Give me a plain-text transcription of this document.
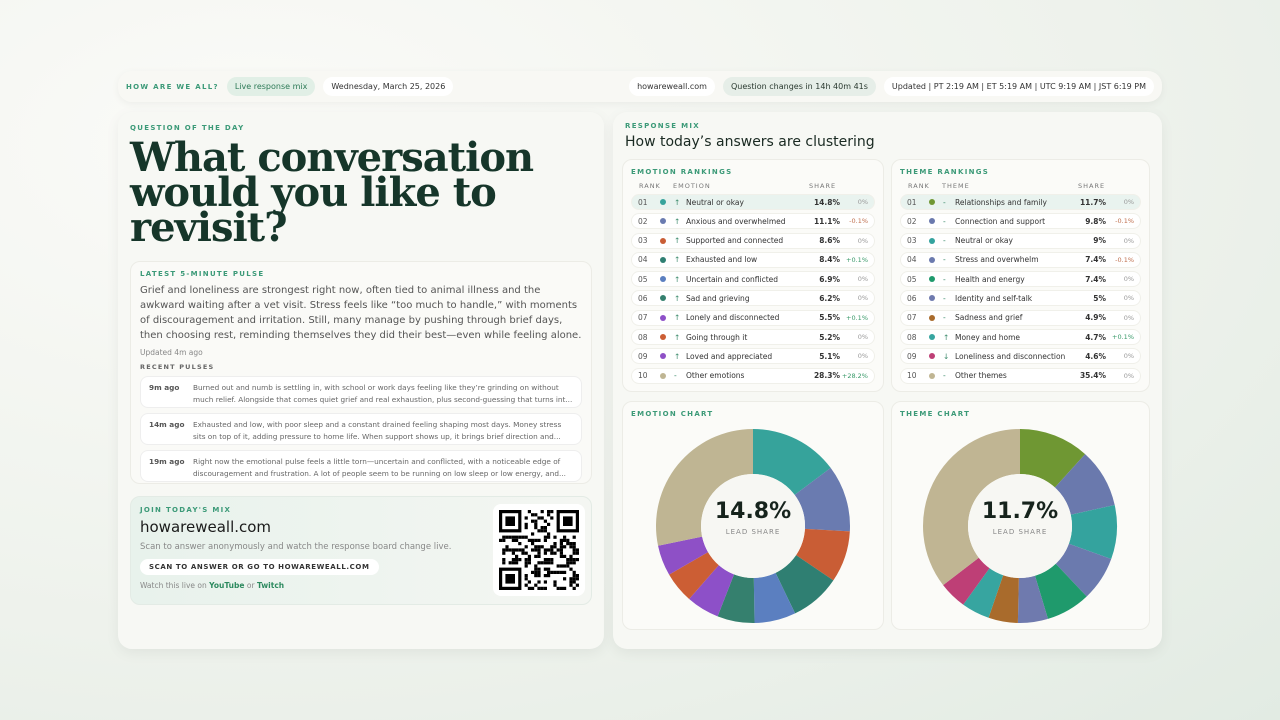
HOW ARE WE ALL?	Live response mix	Wednesday, March 25, 2026	howareweall.com	Question changes in 14h 40m 41s	Updated | PT 2:19 AM | ET 5:19 AM | UTC 9:19 AM | JST 6:19 PM
QUESTION OF THE DAY
What conversation would you like to revisit?
LATEST 5-MINUTE PULSE

Grief and loneliness are strongest right now, often tied to animal illness and the awkward waiting after a vet visit. Stress feels like “too much to handle,” with moments of discouragement and irritation. Still, many manage by pushing through brief days, then choosing rest, reminding themselves they did their best—even while feeling alone.

Updated 4m ago
RECENT PULSES
9m ago	Burned out and numb is settling in, with school or work days feeling like they’re grinding on without much relief. Alongside that comes quiet grief and real exhaustion, plus second-guessing that turns int...
14m ago	Exhausted and low, with poor sleep and a constant drained feeling shaping most days. Money stress sits on top of it, adding pressure to home life. When support shows up, it brings brief direction and...
19m ago	Right now the emotional pulse feels a little torn—uncertain and conflicted, with a noticeable edge of discouragement and frustration. A lot of people seem to be running on low sleep or low energy, and...
JOIN TODAY'S MIX
howareweall.com
Scan to answer anonymously and watch the response board change live.
SCAN TO ANSWER OR GO TO HOWAREWEALL.COM
Watch this live on YouTube or Twitch
RESPONSE MIX
How today’s answers are clustering
EMOTION RANKINGS
RANK	EMOTION	SHARE
01	↑ Neutral or okay	14.8%	0%
02	↑ Anxious and overwhelmed	11.1%	-0.1%
03	↑ Supported and connected	8.6%	0%
04	↑ Exhausted and low	8.4% +0.1%
05	↑ Uncertain and conflicted	6.9%	0%
06	↑ Sad and grieving	6.2%	0%
07	↑ Lonely and disconnected	5.5% +0.1%
08	↑ Going through it	5.2%	0%
09	↑ Loved and appreciated	5.1%	0%
10	-	Other emotions	28.3% +28.2%
THEME RANKINGS
RANK	THEME	SHARE
01	-	Relationships and family	11.7%	0%
02	-	Connection and support	9.8%	-0.1%
03	-	Neutral or okay	9%	0%
04	-	Stress and overwhelm	7.4%	-0.1%
05	-	Health and energy	7.4%	0%
06	-	Identity and self-talk	5%	0%
07	-	Sadness and grief	4.9%	0%
08	↑ Money and home	4.7% +0.1%
09	↓ Loneliness and disconnection	4.6%	0%
10	-	Other themes	35.4%	0%
EMOTION CHART
14.8%
LEAD SHARE
THEME CHART
11.7%
LEAD SHARE
